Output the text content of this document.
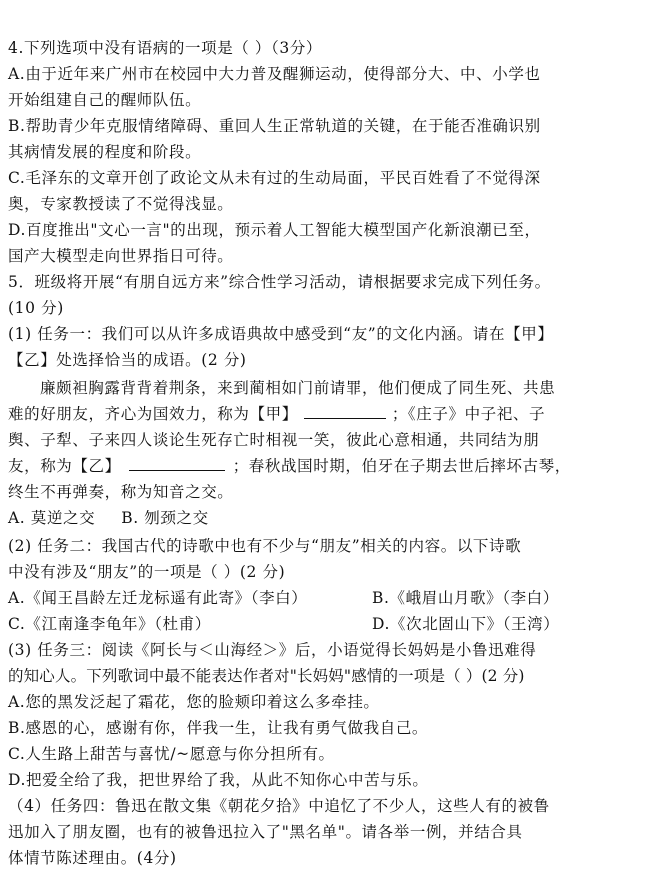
4.下列选项中没有语病的一项是（ ）（3分）
A.由于近年来广州市在校园中大力普及醒狮运动，使得部分大、中、小学也
开始组建自己的醒师队伍。
B.帮助青少年克服情绪障碍、重回人生正常轨道的关键，在于能否准确识别
其病情发展的程度和阶段。
C.毛泽东的文章开创了政论文从未有过的生动局面，平民百姓看了不觉得深
奥，专家教授读了不觉得浅显。
D.百度推出"文心一言"的出现，预示着人工智能大模型国产化新浪潮已至，
国产大模型走向世界指日可待。
5．班级将开展“有朋自远方来”综合性学习活动，请根据要求完成下列任务。
(10 分)
(1) 任务一：我们可以从许多成语典故中感受到“友”的文化内涵。请在【甲】
【乙】处选择恰当的成语。(2 分)
廉颇袒胸露背背着荆条，来到蔺相如门前请罪，他们便成了同生死、共患
难的好朋友，齐心为国效力，称为【甲】	；《庄子》中子祀、子
舆、子犁、子来四人谈论生死存亡时相视一笑，彼此心意相通，共同结为朋
友，称为【乙】	；春秋战国时期，伯牙在子期去世后摔坏古琴，
终生不再弹奏，称为知音之交。
A. 莫逆之交 B. 刎颈之交
(2) 任务二：我国古代的诗歌中也有不少与“朋友”相关的内容。以下诗歌
中没有涉及“朋友”的一项是（ ）(2 分)
A.《闻王昌龄左迁龙标遥有此寄》（李白）	B.《峨眉山月歌》（李白）
C.《江南逢李龟年》（杜甫）	D.《次北固山下》（王湾）
(3) 任务三：阅读《阿长与＜山海经＞》后，小语觉得长妈妈是小鲁迅难得
的知心人。下列歌词中最不能表达作者对"长妈妈"感情的一项是（ ）(2 分)
A.您的黑发泛起了霜花，您的脸颊印着这么多牵挂。
B.感恩的心，感谢有你，伴我一生，让我有勇气做我自己。
C.人生路上甜苦与喜忧/~愿意与你分担所有。
D.把爱全给了我，把世界给了我，从此不知你心中苦与乐。
（4）任务四：鲁迅在散文集《朝花夕拾》中追忆了不少人，这些人有的被鲁
迅加入了朋友圈，也有的被鲁迅拉入了"黑名单"。请各举一例，并结合具
体情节陈述理由。(4分)
